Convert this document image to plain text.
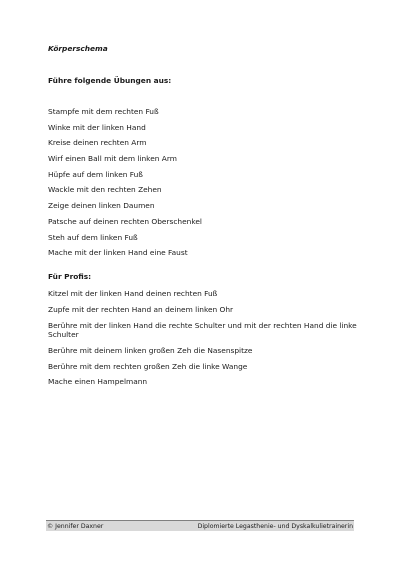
Körperschema

Führe folgende Übungen aus:

Stampfe mit dem rechten Fuß
Winke mit der linken Hand
Kreise deinen rechten Arm
Wirf einen Ball mit dem linken Arm
Hüpfe auf dem linken Fuß
Wackle mit den rechten Zehen
Zeige deinen linken Daumen
Patsche auf deinen rechten Oberschenkel
Steh auf dem linken Fuß
Mache mit der linken Hand eine Faust

Für Profis:

Kitzel mit der linken Hand deinen rechten Fuß
Zupfe mit der rechten Hand an deinem linken Ohr
Berühre mit der linken Hand die rechte Schulter und mit der rechten Hand die linke Schulter
Berühre mit deinem linken großen Zeh die Nasenspitze
Berühre mit dem rechten großen Zeh die linke Wange
Mache einen Hampelmann
© Jennifer Daxner	Diplomierte Legasthenie- und Dyskalkulietrainerin
